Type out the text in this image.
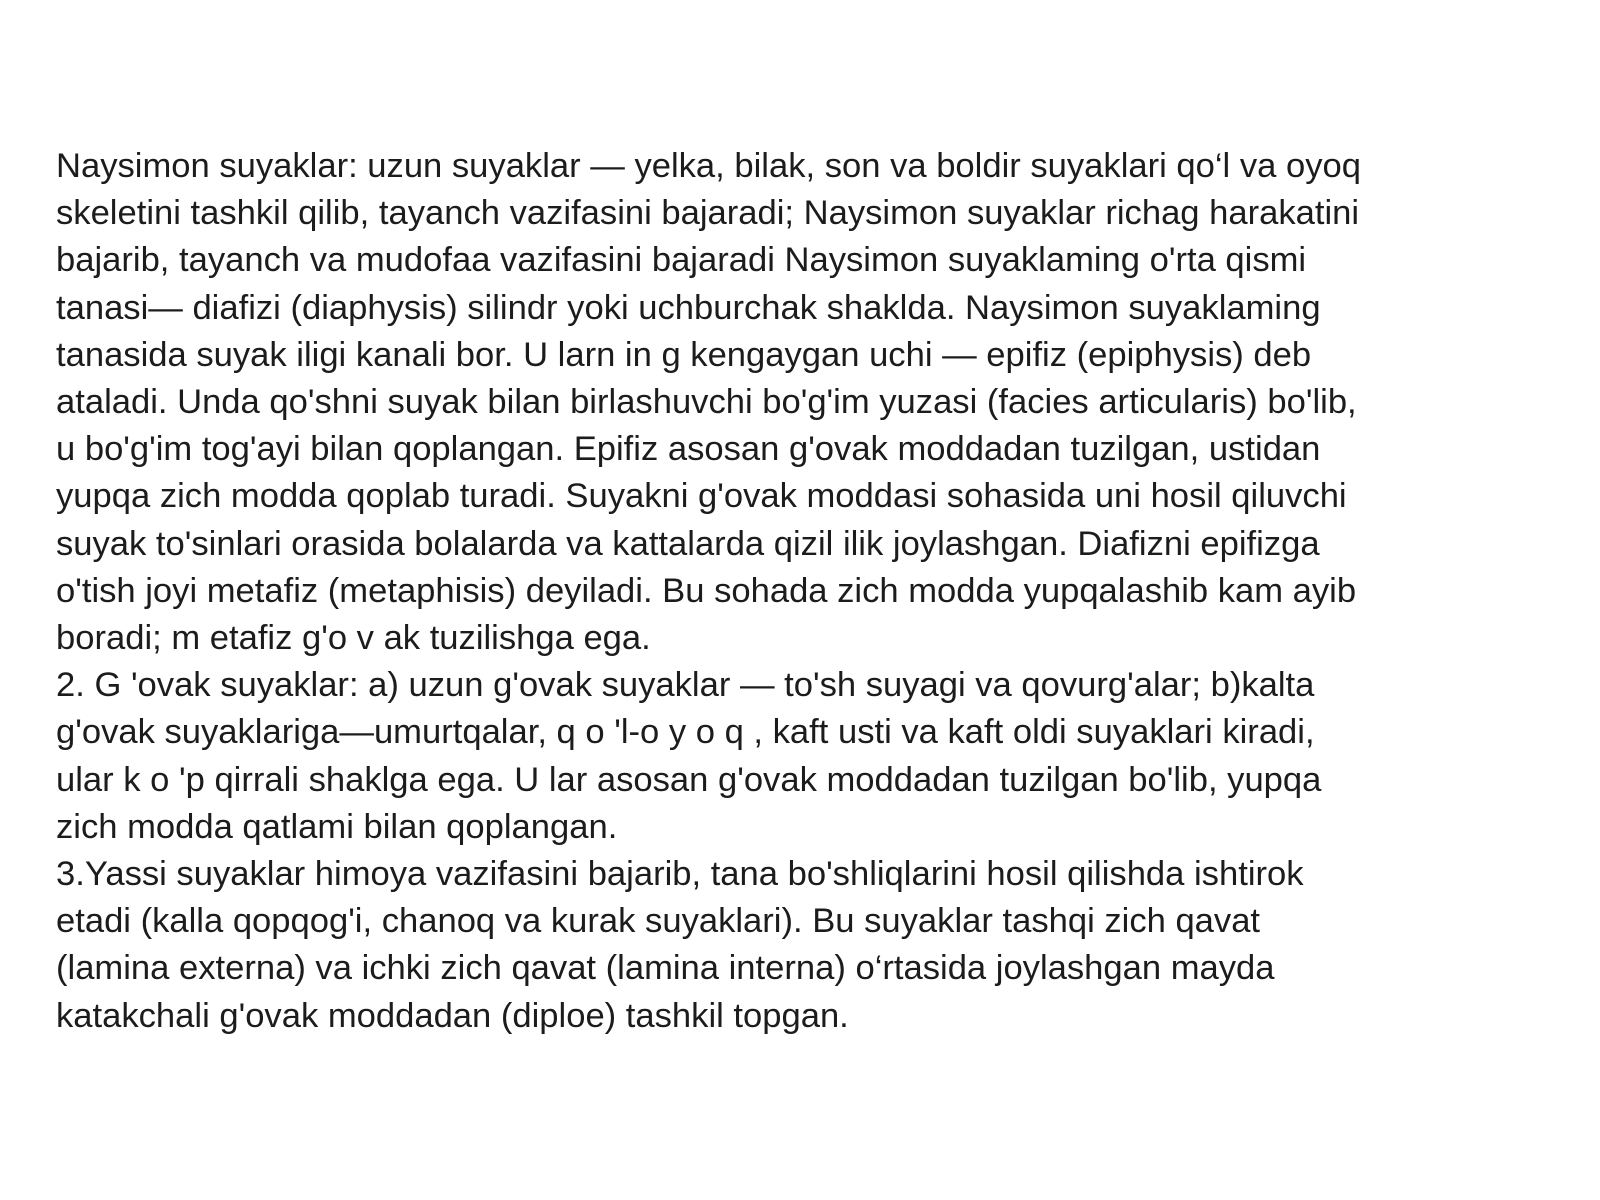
Naysimon suyaklar: uzun suyaklar — yelka, bilak, son va boldir suyaklari qo‘l va oyoq
skeletini tashkil qilib, tayanch vazifasini bajaradi; Naysimon suyaklar richag harakatini
bajarib, tayanch va mudofaa vazifasini bajaradi Naysimon suyaklaming o'rta qismi
tanasi— diafizi (diaphysis) silindr yoki uchburchak shaklda. Naysimon suyaklaming
tanasida suyak iligi kanali bor. U larn in g kengaygan uchi — epifiz (epiphysis) deb
ataladi. Unda qo'shni suyak bilan birlashuvchi bo'g'im yuzasi (facies articularis) bo'lib,
u bo'g'im tog'ayi bilan qoplangan. Epifiz asosan g'ovak moddadan tuzilgan, ustidan
yupqa zich modda qoplab turadi. Suyakni g'ovak moddasi sohasida uni hosil qiluvchi
suyak to'sinlari orasida bolalarda va kattalarda qizil ilik joylashgan. Diafizni epifizga
o'tish joyi metafiz (metaphisis) deyiladi. Bu sohada zich modda yupqalashib kam ayib
boradi; m etafiz g'o v ak tuzilishga ega.
2. G 'ovak suyaklar: a) uzun g'ovak suyaklar — to'sh suyagi va qovurg'alar; b)kalta
g'ovak suyaklariga—umurtqalar, q o 'l-o y o q , kaft usti va kaft oldi suyaklari kiradi,
ular k o 'p qirrali shaklga ega. U lar asosan g'ovak moddadan tuzilgan bo'lib, yupqa
zich modda qatlami bilan qoplangan.
3.Yassi suyaklar himoya vazifasini bajarib, tana bo'shliqlarini hosil qilishda ishtirok
etadi (kalla qopqog'i, chanoq va kurak suyaklari). Bu suyaklar tashqi zich qavat
(lamina externa) va ichki zich qavat (lamina interna) o‘rtasida joylashgan mayda
katakchali g'ovak moddadan (diploe) tashkil topgan.
